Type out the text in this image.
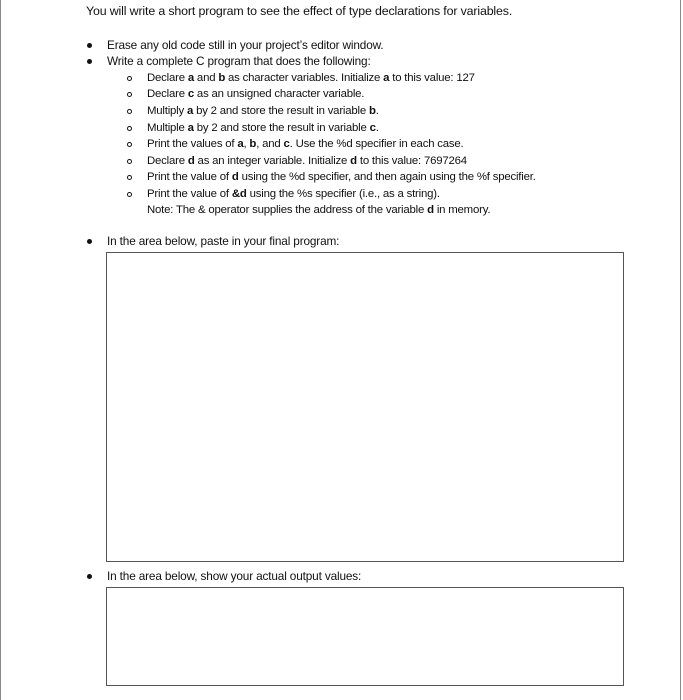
You will write a short program to see the effect of type declarations for variables.
Erase any old code still in your project’s editor window.
Write a complete C program that does the following:
Declare a and b as character variables. Initialize a to this value: 127
Declare c as an unsigned character variable.
Multiply a by 2 and store the result in variable b.
Multiple a by 2 and store the result in variable c.
Print the values of a, b, and c. Use the %d specifier in each case.
Declare d as an integer variable. Initialize d to this value: 7697264
Print the value of d using the %d specifier, and then again using the %f specifier.
Print the value of &d using the %s specifier (i.e., as a string).
Note: The & operator supplies the address of the variable d in memory.
In the area below, paste in your final program:
In the area below, show your actual output values:
